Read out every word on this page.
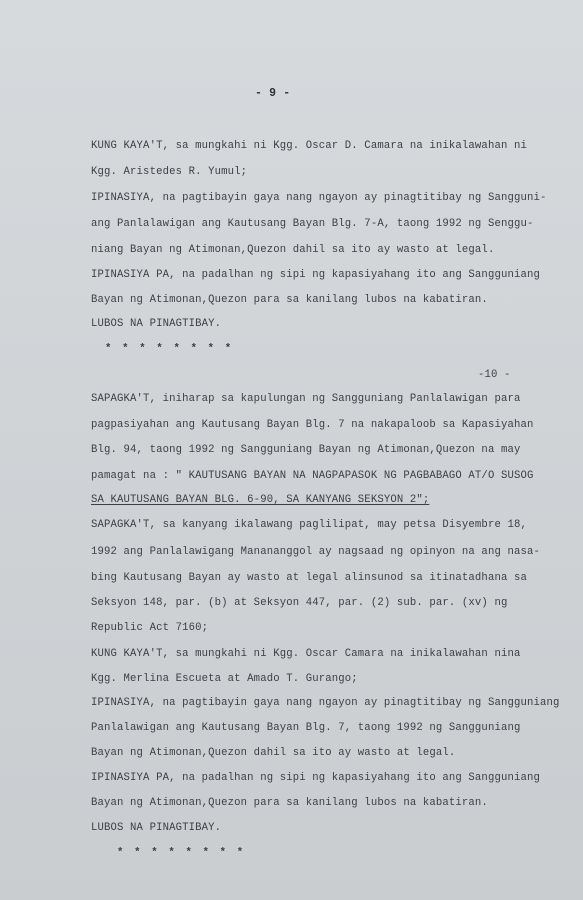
- 9 -
KUNG KAYA'T, sa mungkahi ni Kgg. Oscar D. Camara na inikalawahan ni
Kgg. Aristedes R. Yumul;
IPINASIYA, na pagtibayin gaya nang ngayon ay pinagtitibay ng Sangguni-
ang Panlalawigan ang Kautusang Bayan Blg. 7-A, taong 1992 ng Senggu-
niang Bayan ng Atimonan,Quezon dahil sa ito ay wasto at legal.
IPINASIYA PA, na padalhan ng sipi ng kapasiyahang ito ang Sangguniang
Bayan ng Atimonan,Quezon para sa kanilang lubos na kabatiran.
LUBOS NA PINAGTIBAY.
* * * * * * * *
-10 -
SAPAGKA'T, iniharap sa kapulungan ng Sangguniang Panlalawigan para
pagpasiyahan ang Kautusang Bayan Blg. 7 na nakapaloob sa Kapasiyahan
Blg. 94, taong 1992 ng Sangguniang Bayan ng Atimonan,Quezon na may
pamagat na : " KAUTUSANG BAYAN NA NAGPAPASOK NG PAGBABAGO AT/O SUSOG
SA KAUTUSANG BAYAN BLG. 6-90, SA KANYANG SEKSYON 2";
SAPAGKA'T, sa kanyang ikalawang paglilipat, may petsa Disyembre 18,
1992 ang Panlalawigang Manananggol ay nagsaad ng opinyon na ang nasa-
bing Kautusang Bayan ay wasto at legal alinsunod sa itinatadhana sa
Seksyon 148, par. (b) at Seksyon 447, par. (2) sub. par. (xv) ng
Republic Act 7160;
KUNG KAYA'T, sa mungkahi ni Kgg. Oscar Camara na inikalawahan nina
Kgg. Merlina Escueta at Amado T. Gurango;
IPINASIYA, na pagtibayin gaya nang ngayon ay pinagtitibay ng Sangguniang
Panlalawigan ang Kautusang Bayan Blg. 7, taong 1992 ng Sangguniang
Bayan ng Atimonan,Quezon dahil sa ito ay wasto at legal.
IPINASIYA PA, na padalhan ng sipi ng kapasiyahang ito ang Sangguniang
Bayan ng Atimonan,Quezon para sa kanilang lubos na kabatiran.
LUBOS NA PINAGTIBAY.
* * * * * * * *
